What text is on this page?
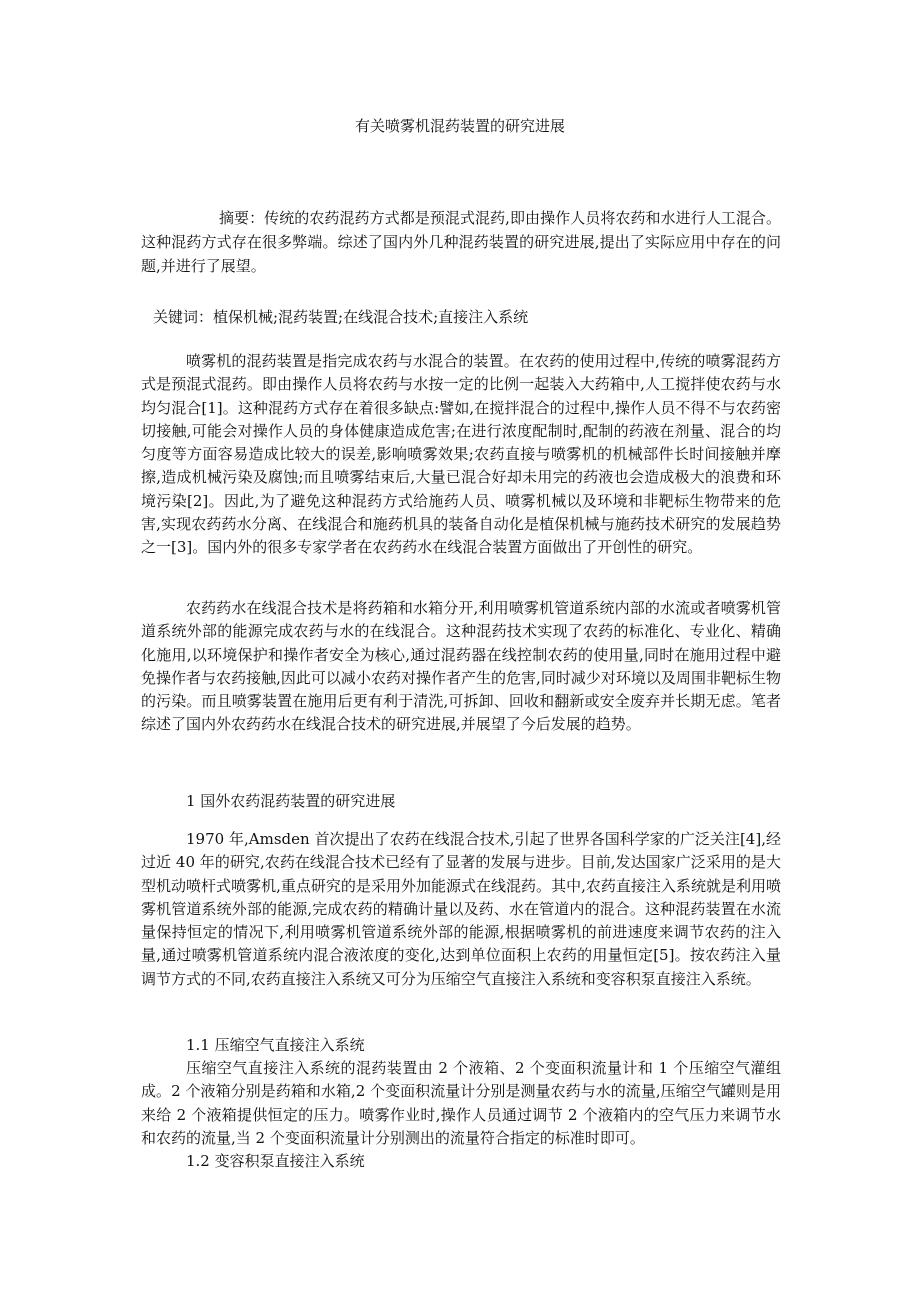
有关喷雾机混药装置的研究进展

摘要：传统的农药混药方式都是预混式混药,即由操作人员将农药和水进行人工混合。这种混药方式存在很多弊端。综述了国内外几种混药装置的研究进展,提出了实际应用中存在的问题,并进行了展望。

关键词：植保机械;混药装置;在线混合技术;直接注入系统

喷雾机的混药装置是指完成农药与水混合的装置。在农药的使用过程中,传统的喷雾混药方式是预混式混药。即由操作人员将农药与水按一定的比例一起装入大药箱中,人工搅拌使农药与水均匀混合[1]。这种混药方式存在着很多缺点:譬如,在搅拌混合的过程中,操作人员不得不与农药密切接触,可能会对操作人员的身体健康造成危害;在进行浓度配制时,配制的药液在剂量、混合的均匀度等方面容易造成比较大的误差,影响喷雾效果;农药直接与喷雾机的机械部件长时间接触并摩擦,造成机械污染及腐蚀;而且喷雾结束后,大量已混合好却未用完的药液也会造成极大的浪费和环境污染[2]。因此,为了避免这种混药方式给施药人员、喷雾机械以及环境和非靶标生物带来的危害,实现农药药水分离、在线混合和施药机具的装备自动化是植保机械与施药技术研究的发展趋势之一[3]。国内外的很多专家学者在农药药水在线混合装置方面做出了开创性的研究。

农药药水在线混合技术是将药箱和水箱分开,利用喷雾机管道系统内部的水流或者喷雾机管道系统外部的能源完成农药与水的在线混合。这种混药技术实现了农药的标准化、专业化、精确化施用,以环境保护和操作者安全为核心,通过混药器在线控制农药的使用量,同时在施用过程中避免操作者与农药接触,因此可以减小农药对操作者产生的危害,同时减少对环境以及周围非靶标生物的污染。而且喷雾装置在施用后更有利于清洗,可拆卸、回收和翻新或安全废弃并长期无虑。笔者综述了国内外农药药水在线混合技术的研究进展,并展望了今后发展的趋势。

1 国外农药混药装置的研究进展

1970 年,Amsden 首次提出了农药在线混合技术,引起了世界各国科学家的广泛关注[4],经过近 40 年的研究,农药在线混合技术已经有了显著的发展与进步。目前,发达国家广泛采用的是大型机动喷杆式喷雾机,重点研究的是采用外加能源式在线混药。其中,农药直接注入系统就是利用喷雾机管道系统外部的能源,完成农药的精确计量以及药、水在管道内的混合。这种混药装置在水流量保持恒定的情况下,利用喷雾机管道系统外部的能源,根据喷雾机的前进速度来调节农药的注入量,通过喷雾机管道系统内混合液浓度的变化,达到单位面积上农药的用量恒定[5]。按农药注入量调节方式的不同,农药直接注入系统又可分为压缩空气直接注入系统和变容积泵直接注入系统。

1.1 压缩空气直接注入系统

压缩空气直接注入系统的混药装置由 2 个液箱、2 个变面积流量计和 1 个压缩空气灌组成。2 个液箱分别是药箱和水箱,2 个变面积流量计分别是测量农药与水的流量,压缩空气罐则是用来给 2 个液箱提供恒定的压力。喷雾作业时,操作人员通过调节 2 个液箱内的空气压力来调节水和农药的流量,当 2 个变面积流量计分别测出的流量符合指定的标准时即可。

1.2 变容积泵直接注入系统
